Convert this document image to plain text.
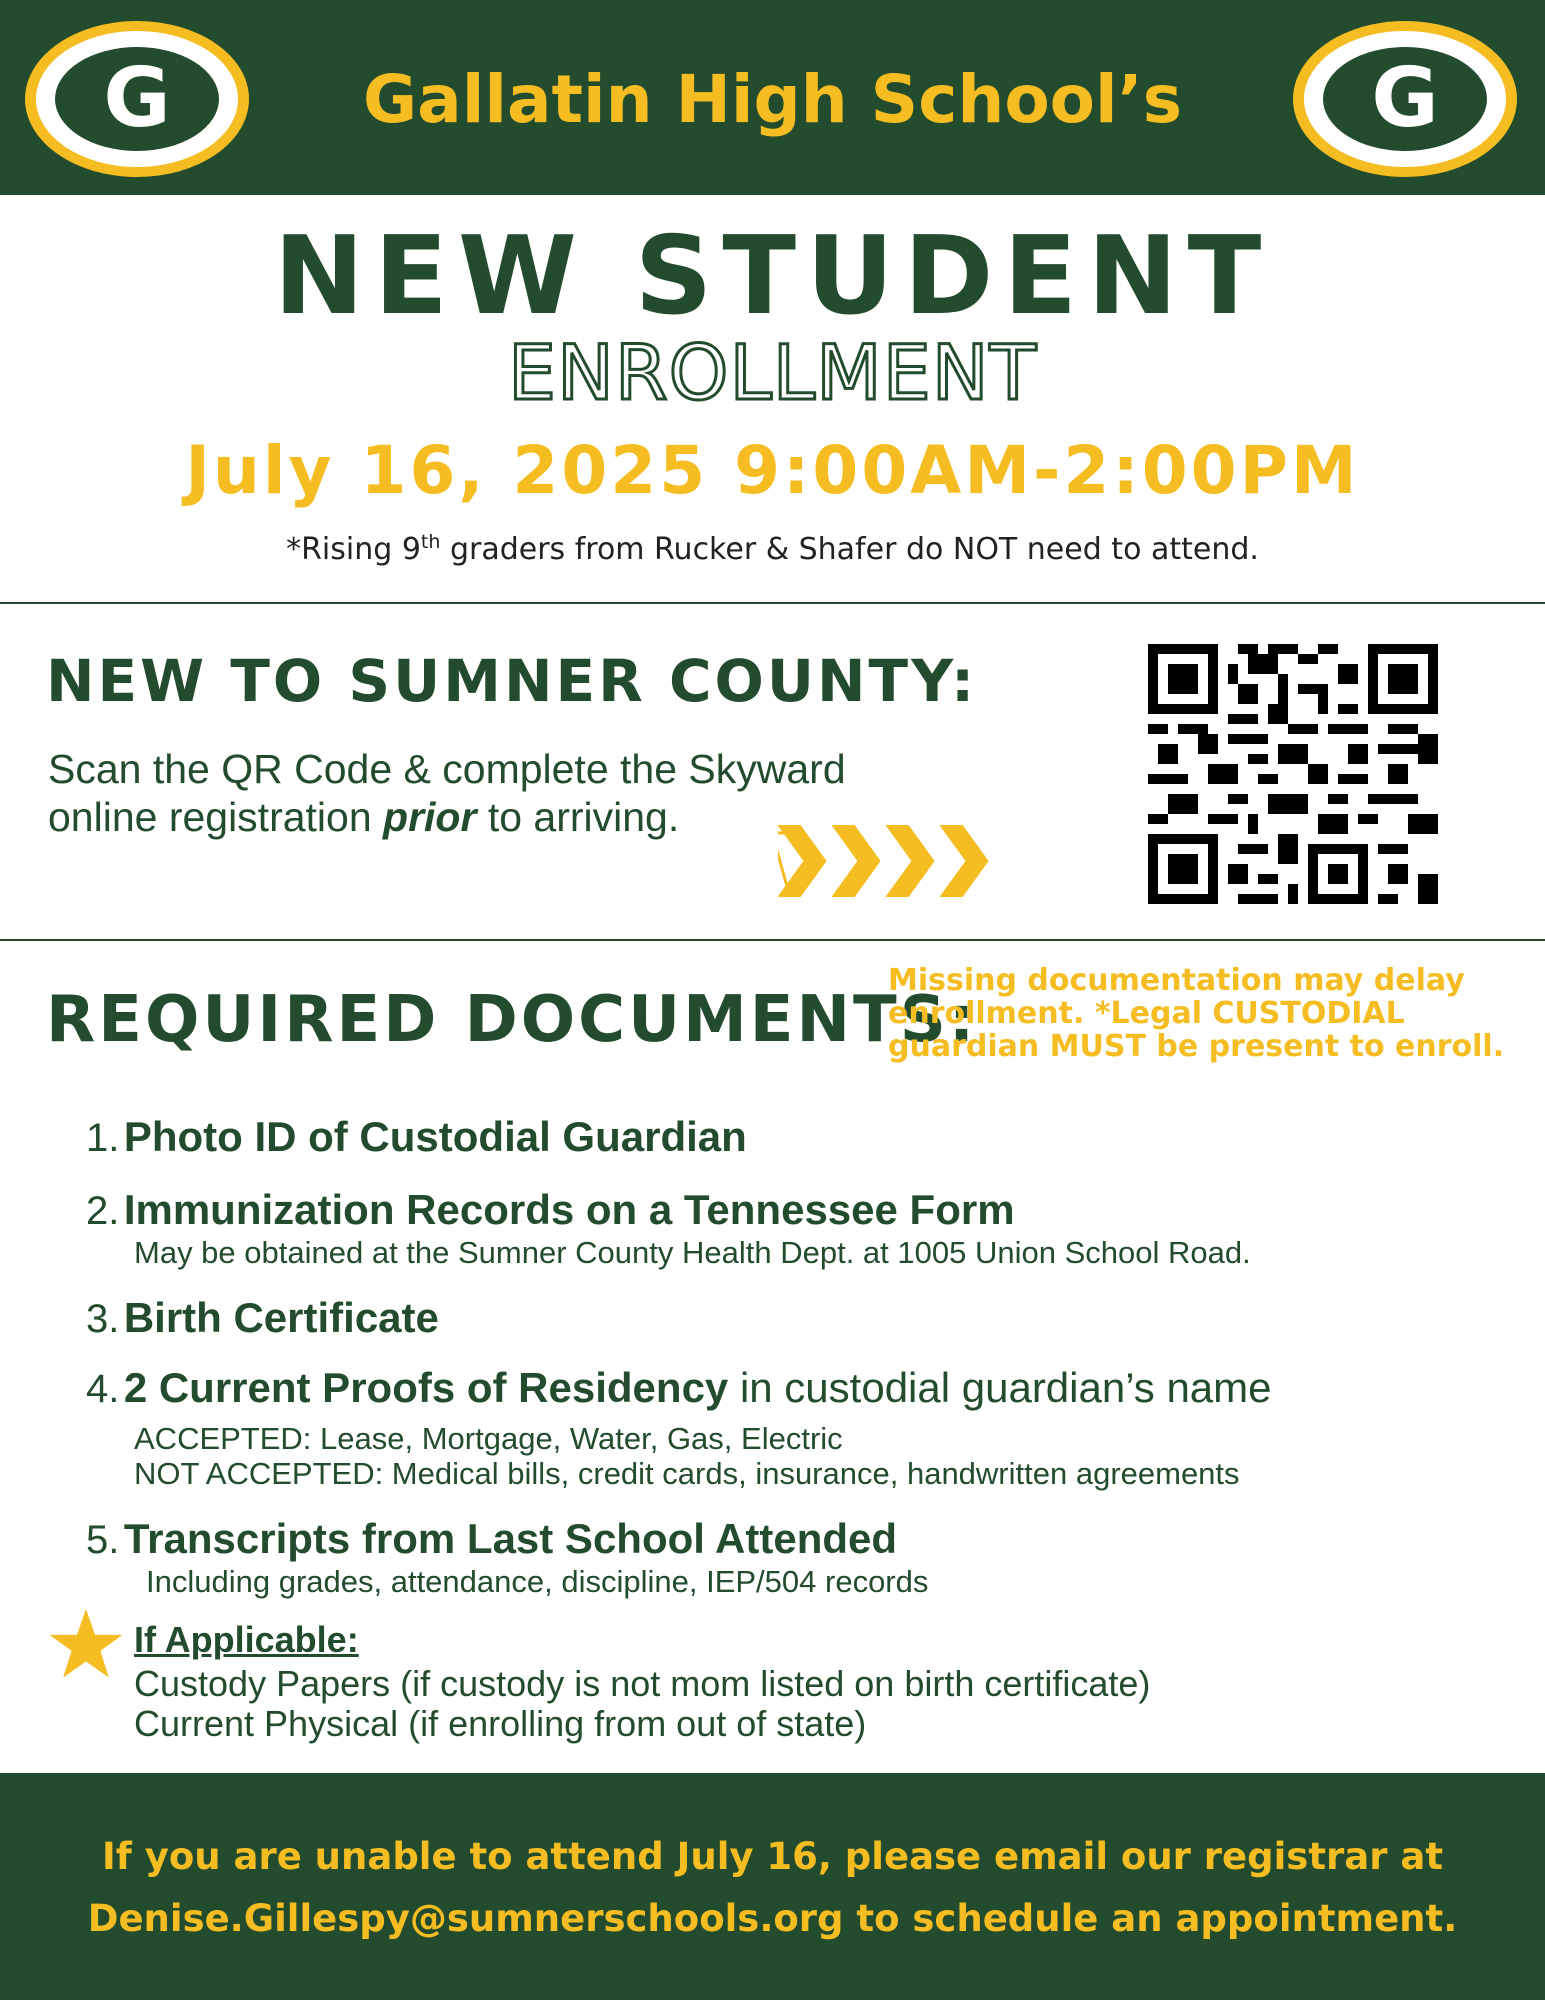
G	Gallatin High School’s	G
NEW STUDENT
ENROLLMENT
July 16, 2025 9:00AM-2:00PM
*Rising 9th graders from Rucker & Shafer do NOT need to attend.
NEW TO SUMNER COUNTY:
Scan the QR Code & complete the Skyward
online registration prior to arriving.
REQUIRED DOCUMENTS:
Missing documentation may delay enrollment. *Legal CUSTODIAL guardian MUST be present to enroll.
1. Photo ID of Custodial Guardian
2. Immunization Records on a Tennessee Form
May be obtained at the Sumner County Health Dept. at 1005 Union School Road.
3. Birth Certificate
4. 2 Current Proofs of Residency in custodial guardian’s name
ACCEPTED: Lease, Mortgage, Water, Gas, Electric
NOT ACCEPTED: Medical bills, credit cards, insurance, handwritten agreements
5. Transcripts from Last School Attended
Including grades, attendance, discipline, IEP/504 records
If Applicable:
Custody Papers (if custody is not mom listed on birth certificate)
Current Physical (if enrolling from out of state)
If you are unable to attend July 16, please email our registrar at
Denise.Gillespy@sumnerschools.org to schedule an appointment.
